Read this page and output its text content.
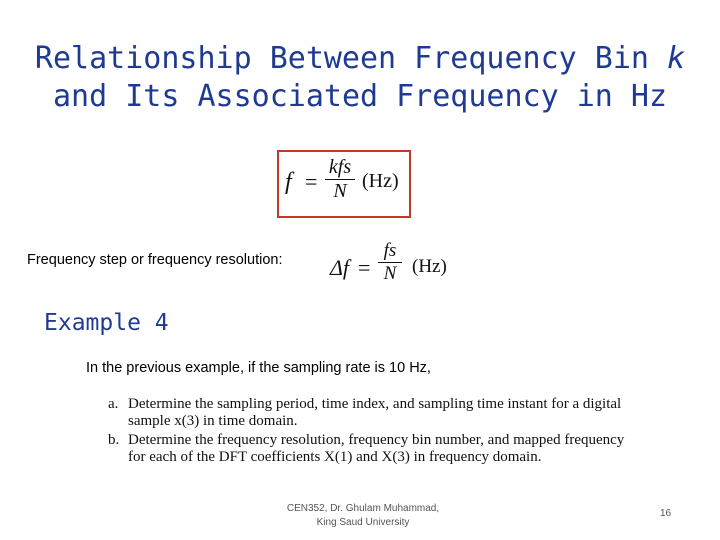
Relationship Between Frequency Bin k
and Its Associated Frequency in Hz
f =
kfs
N (Hz)
Frequency step or frequency resolution: $\Delta f = \frac{fs}{N} (Hz)$
Example 4
In the previous example, if the sampling rate is 10 Hz,
a. Determine the sampling period, time index, and sampling time instant for a digital sample x(3) in time domain.
b. Determine the frequency resolution, frequency bin number, and mapped frequency for each of the DFT coefficients X(1) and X(3) in frequency domain.
CEN352, Dr. Ghulam Muhammad,
King Saud University
16
